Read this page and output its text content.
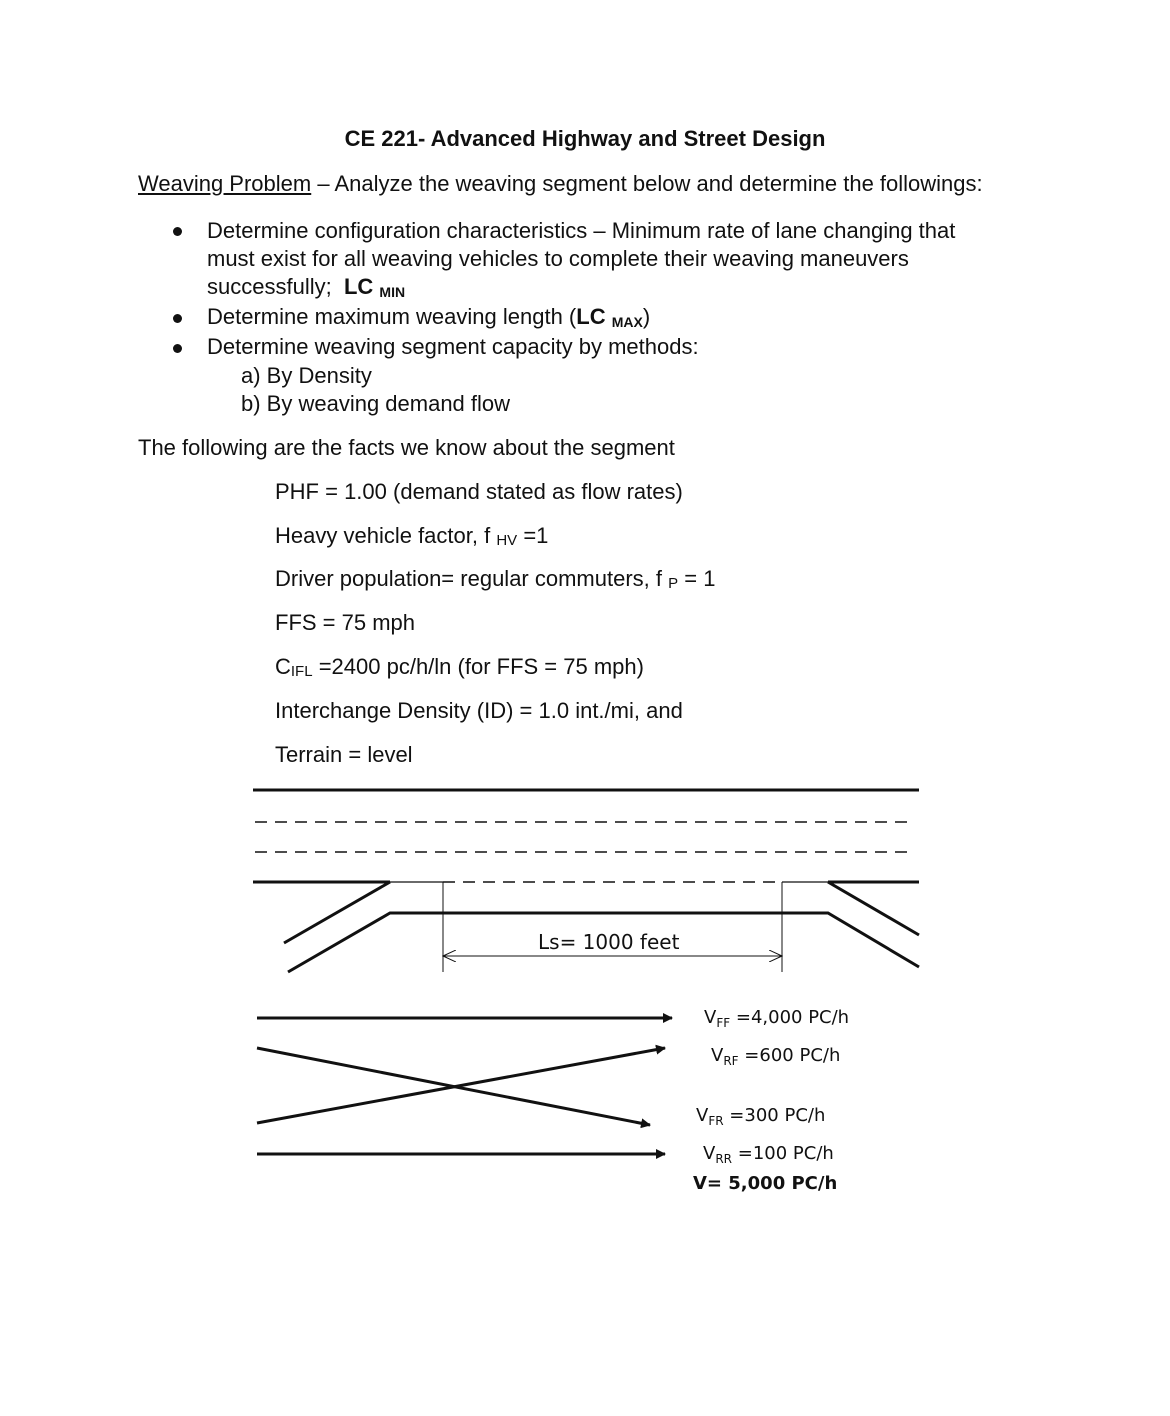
CE 221- Advanced Highway and Street Design
Weaving Problem – Analyze the weaving segment below and determine the followings:
Determine configuration characteristics – Minimum rate of lane changing that
must exist for all weaving vehicles to complete their weaving maneuvers
successfully; LC $_{MIN}$
Determine maximum weaving length (LC $_{MAX}$)
Determine weaving segment capacity by methods:
a) By Density
b) By weaving demand flow
The following are the facts we know about the segment
PHF = 1.00 (demand stated as flow rates)
Heavy vehicle factor, f HV =1
Driver population= regular commuters, f P = 1
FFS = 75 mph
CIFL =2400 pc/h/ln (for FFS = 75 mph)
Interchange Density (ID) = 1.0 int./mi, and
Terrain = level
Ls= 1000 feet
$V_{FF} =4,000$ PC/h
$V_{RF} =600$ PC/h
$V_{FR} =300$ PC/h
$V_{RR} =100$ PC/h
V= 5,000 PC/h
